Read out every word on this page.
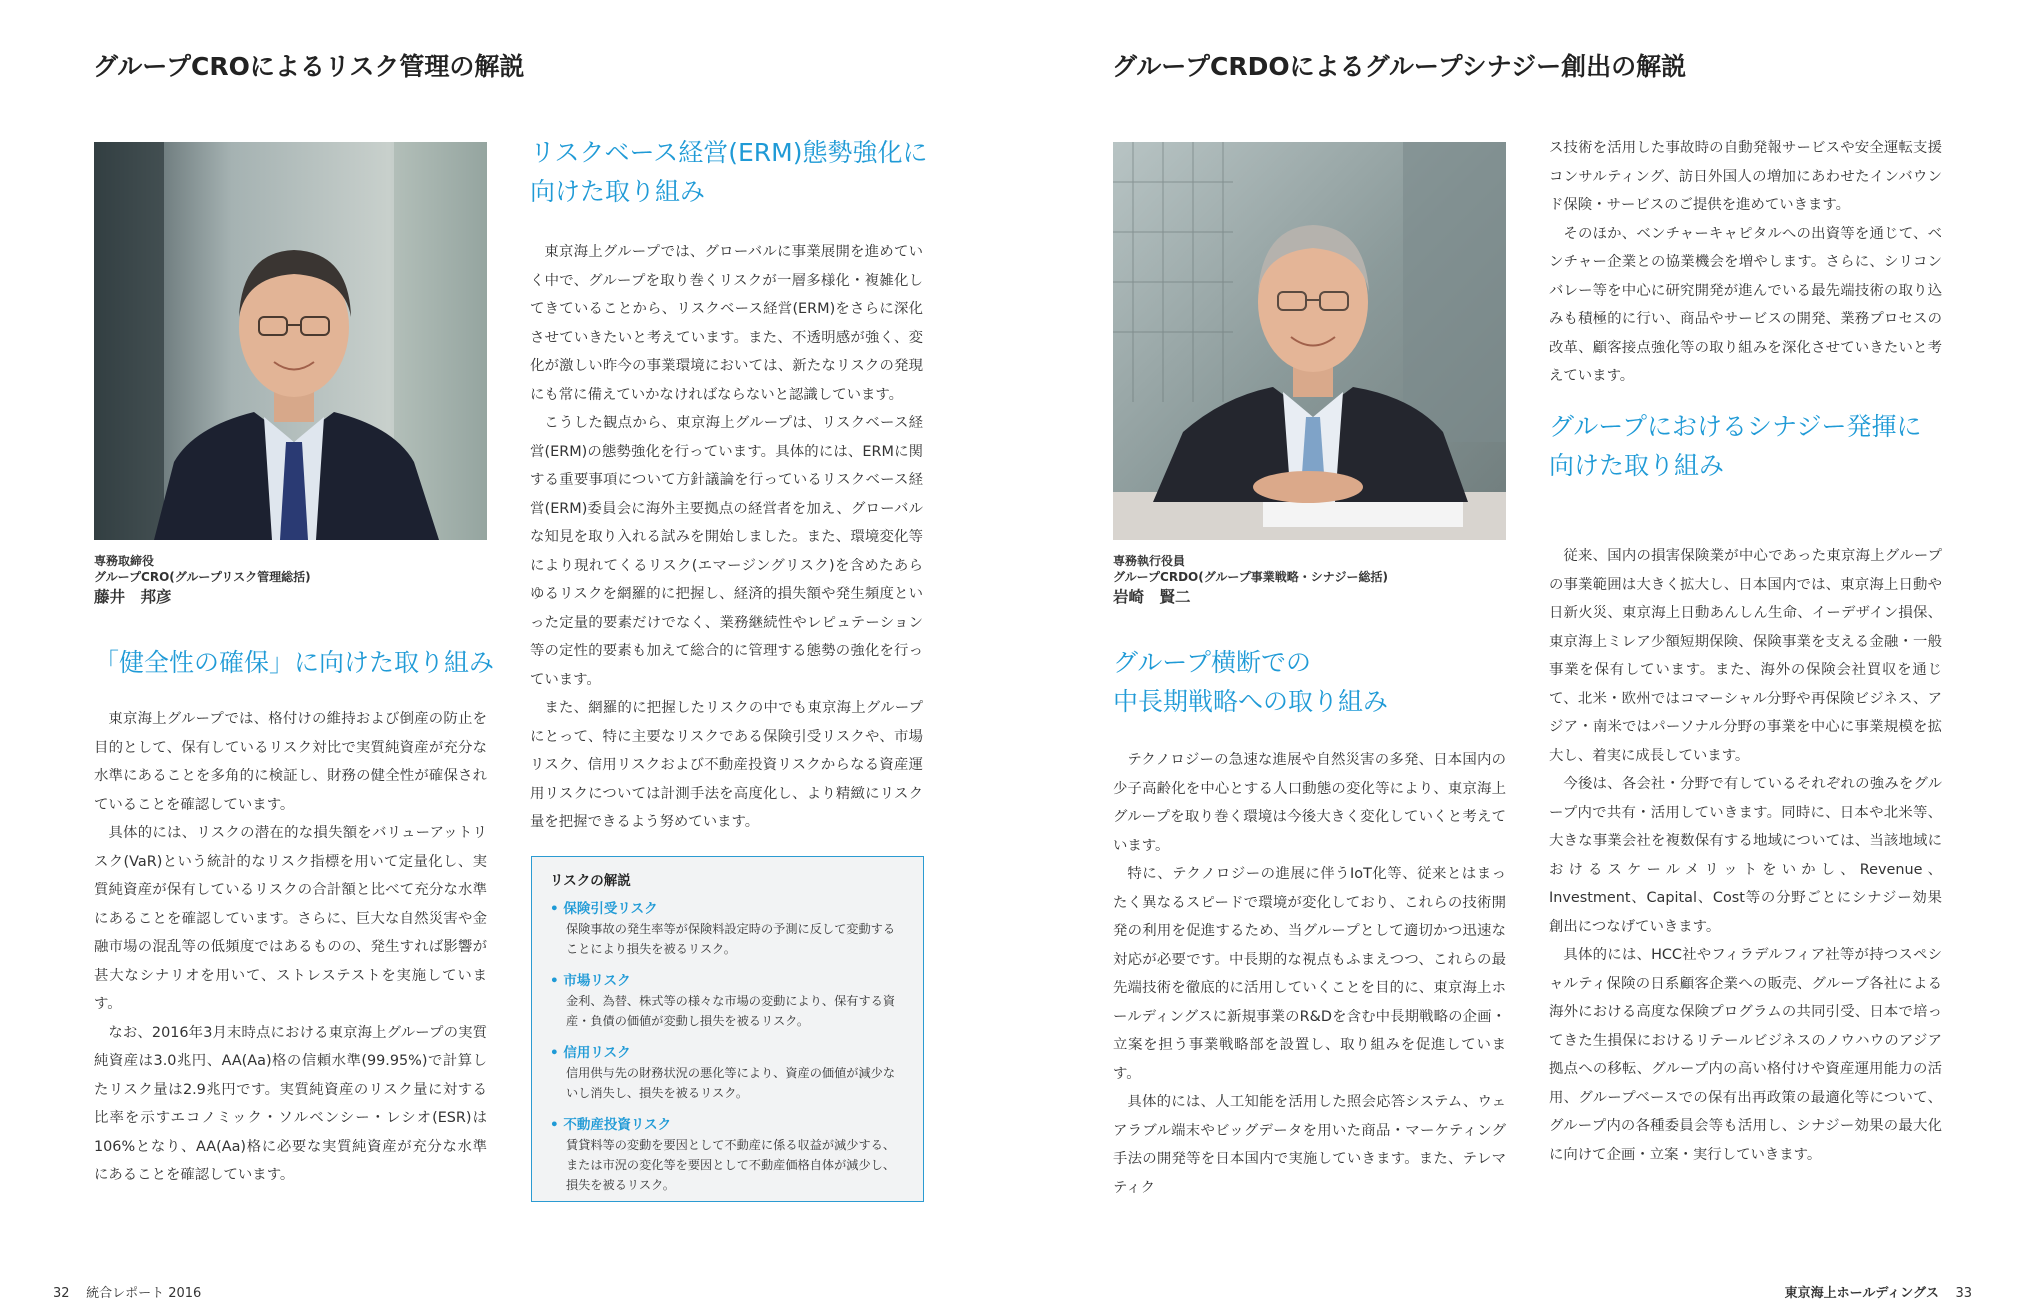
グループCROによるリスク管理の解説
専務取締役
グループCRO(グループリスク管理総括)
藤井　邦彦
「健全性の確保」に向けた取り組み

東京海上グループでは、格付けの維持および倒産の防止を目的として、保有しているリスク対比で実質純資産が充分な水準にあることを多角的に検証し、財務の健全性が確保されていることを確認しています。

具体的には、リスクの潜在的な損失額をバリューアットリスク(VaR)という統計的なリスク指標を用いて定量化し、実質純資産が保有しているリスクの合計額と比べて充分な水準にあることを確認しています。さらに、巨大な自然災害や金融市場の混乱等の低頻度ではあるものの、発生すれば影響が甚大なシナリオを用いて、ストレステストを実施しています。

なお、2016年3月末時点における東京海上グループの実質純資産は3.0兆円、AA(Aa)格の信頼水準(99.95%)で計算したリスク量は2.9兆円です。実質純資産のリスク量に対する比率を示すエコノミック・ソルベンシー・レシオ(ESR)は106%となり、AA(Aa)格に必要な実質純資産が充分な水準にあることを確認しています。

リスクベース経営(ERM)態勢強化に
向けた取り組み

東京海上グループでは、グローバルに事業展開を進めていく中で、グループを取り巻くリスクが一層多様化・複雑化してきていることから、リスクベース経営(ERM)をさらに深化させていきたいと考えています。また、不透明感が強く、変化が激しい昨今の事業環境においては、新たなリスクの発現にも常に備えていかなければならないと認識しています。

こうした観点から、東京海上グループは、リスクベース経営(ERM)の態勢強化を行っています。具体的には、ERMに関する重要事項について方針議論を行っているリスクベース経営(ERM)委員会に海外主要拠点の経営者を加え、グローバルな知見を取り入れる試みを開始しました。また、環境変化等により現れてくるリスク(エマージングリスク)を含めたあらゆるリスクを網羅的に把握し、経済的損失額や発生頻度といった定量的要素だけでなく、業務継続性やレピュテーション等の定性的要素も加えて総合的に管理する態勢の強化を行っています。

また、網羅的に把握したリスクの中でも東京海上グループにとって、特に主要なリスクである保険引受リスクや、市場リスク、信用リスクおよび不動産投資リスクからなる資産運用リスクについては計測手法を高度化し、より精緻にリスク量を把握できるよう努めています。

リスクの解説
• 保険引受リスク
保険事故の発生率等が保険料設定時の予測に反して変動することにより損失を被るリスク。
• 市場リスク
金利、為替、株式等の様々な市場の変動により、保有する資産・負債の価値が変動し損失を被るリスク。
• 信用リスク
信用供与先の財務状況の悪化等により、資産の価値が減少ないし消失し、損失を被るリスク。
• 不動産投資リスク
賃貸料等の変動を要因として不動産に係る収益が減少する、または市況の変化等を要因として不動産価格自体が減少し、損失を被るリスク。
32 統合レポート 2016
グループCRDOによるグループシナジー創出の解説
専務執行役員
グループCRDO(グループ事業戦略・シナジー総括)
岩崎　賢二
グループ横断での
中長期戦略への取り組み

テクノロジーの急速な進展や自然災害の多発、日本国内の少子高齢化を中心とする人口動態の変化等により、東京海上グループを取り巻く環境は今後大きく変化していくと考えています。

特に、テクノロジーの進展に伴うIoT化等、従来とはまったく異なるスピードで環境が変化しており、これらの技術開発の利用を促進するため、当グループとして適切かつ迅速な対応が必要です。中長期的な視点もふまえつつ、これらの最先端技術を徹底的に活用していくことを目的に、東京海上ホールディングスに新規事業のR&Dを含む中長期戦略の企画・立案を担う事業戦略部を設置し、取り組みを促進しています。

具体的には、人工知能を活用した照会応答システム、ウェアラブル端末やビッグデータを用いた商品・マーケティング手法の開発等を日本国内で実施していきます。また、テレマティク

ス技術を活用した事故時の自動発報サービスや安全運転支援コンサルティング、訪日外国人の増加にあわせたインバウンド保険・サービスのご提供を進めていきます。

そのほか、ベンチャーキャピタルへの出資等を通じて、ベンチャー企業との協業機会を増やします。さらに、シリコンバレー等を中心に研究開発が進んでいる最先端技術の取り込みも積極的に行い、商品やサービスの開発、業務プロセスの改革、顧客接点強化等の取り組みを深化させていきたいと考えています。

グループにおけるシナジー発揮に
向けた取り組み

従来、国内の損害保険業が中心であった東京海上グループの事業範囲は大きく拡大し、日本国内では、東京海上日動や日新火災、東京海上日動あんしん生命、イーデザイン損保、東京海上ミレア少額短期保険、保険事業を支える金融・一般事業を保有しています。また、海外の保険会社買収を通じて、北米・欧州ではコマーシャル分野や再保険ビジネス、アジア・南米ではパーソナル分野の事業を中心に事業規模を拡大し、着実に成長しています。

今後は、各会社・分野で有しているそれぞれの強みをグループ内で共有・活用していきます。同時に、日本や北米等、大きな事業会社を複数保有する地域については、当該地域におけるスケールメリットをいかし、Revenue、Investment、Capital、Cost等の分野ごとにシナジー効果創出につなげていきます。

具体的には、HCC社やフィラデルフィア社等が持つスペシャルティ保険の日系顧客企業への販売、グループ各社による海外における高度な保険プログラムの共同引受、日本で培ってきた生損保におけるリテールビジネスのノウハウのアジア拠点への移転、グループ内の高い格付けや資産運用能力の活用、グループベースでの保有出再政策の最適化等について、グループ内の各種委員会等も活用し、シナジー効果の最大化に向けて企画・立案・実行していきます。

東京海上ホールディングス 33
